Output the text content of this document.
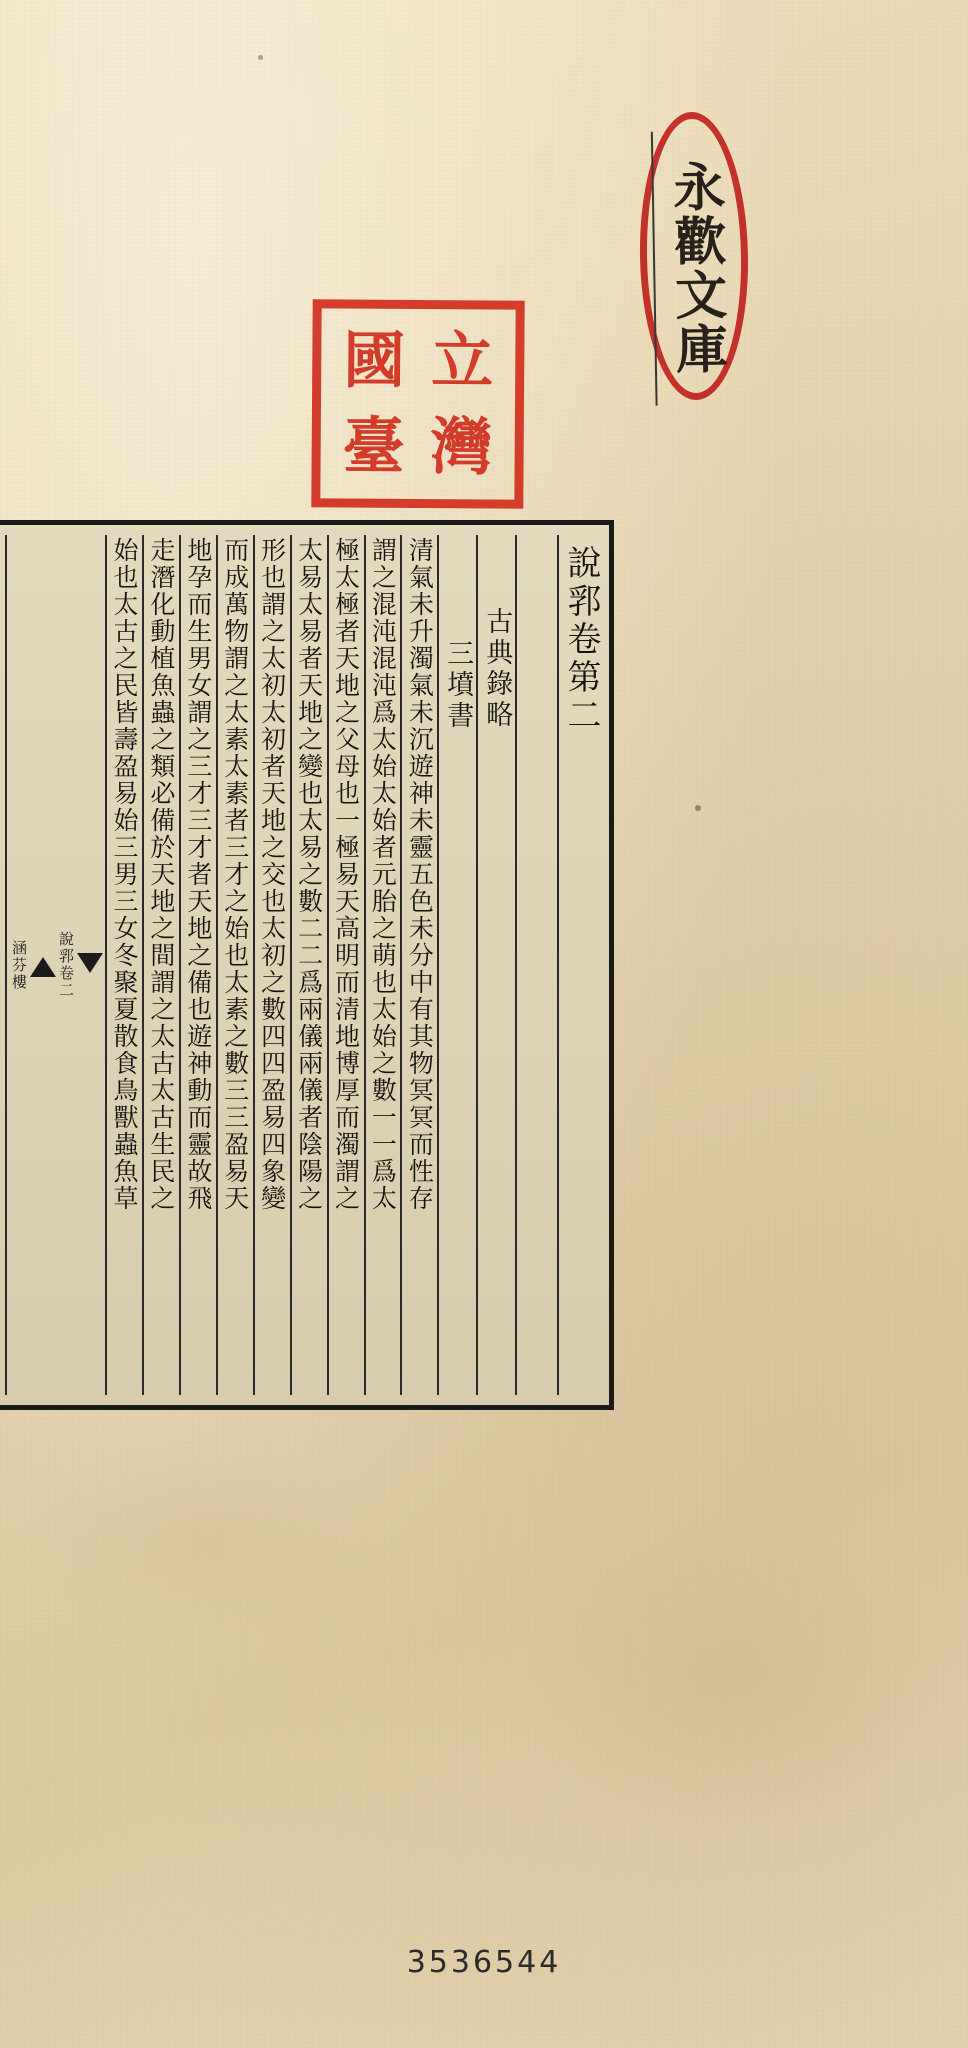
永歡文庫
國 立
臺 灣
說郛卷第二
古典錄略
三墳書
清氣未升濁氣未沉遊神未靈五色未分中有其物冥冥而性存
謂之混沌混沌爲太始太始者元胎之萌也太始之數一一爲太
極太極者天地之父母也一極易天高明而清地博厚而濁謂之
太易太易者天地之變也太易之數二二爲兩儀兩儀者陰陽之
形也謂之太初太初者天地之交也太初之數四四盈易四象變
而成萬物謂之太素太素者三才之始也太素之數三三盈易天
地孕而生男女謂之三才三才者天地之備也遊神動而靈故飛
走潛化動植魚蟲之類必備於天地之間謂之太古太古生民之
始也太古之民皆壽盈易始三男三女冬聚夏散食鳥獸蟲魚草
說郛卷二
涵芬樓
3536544
